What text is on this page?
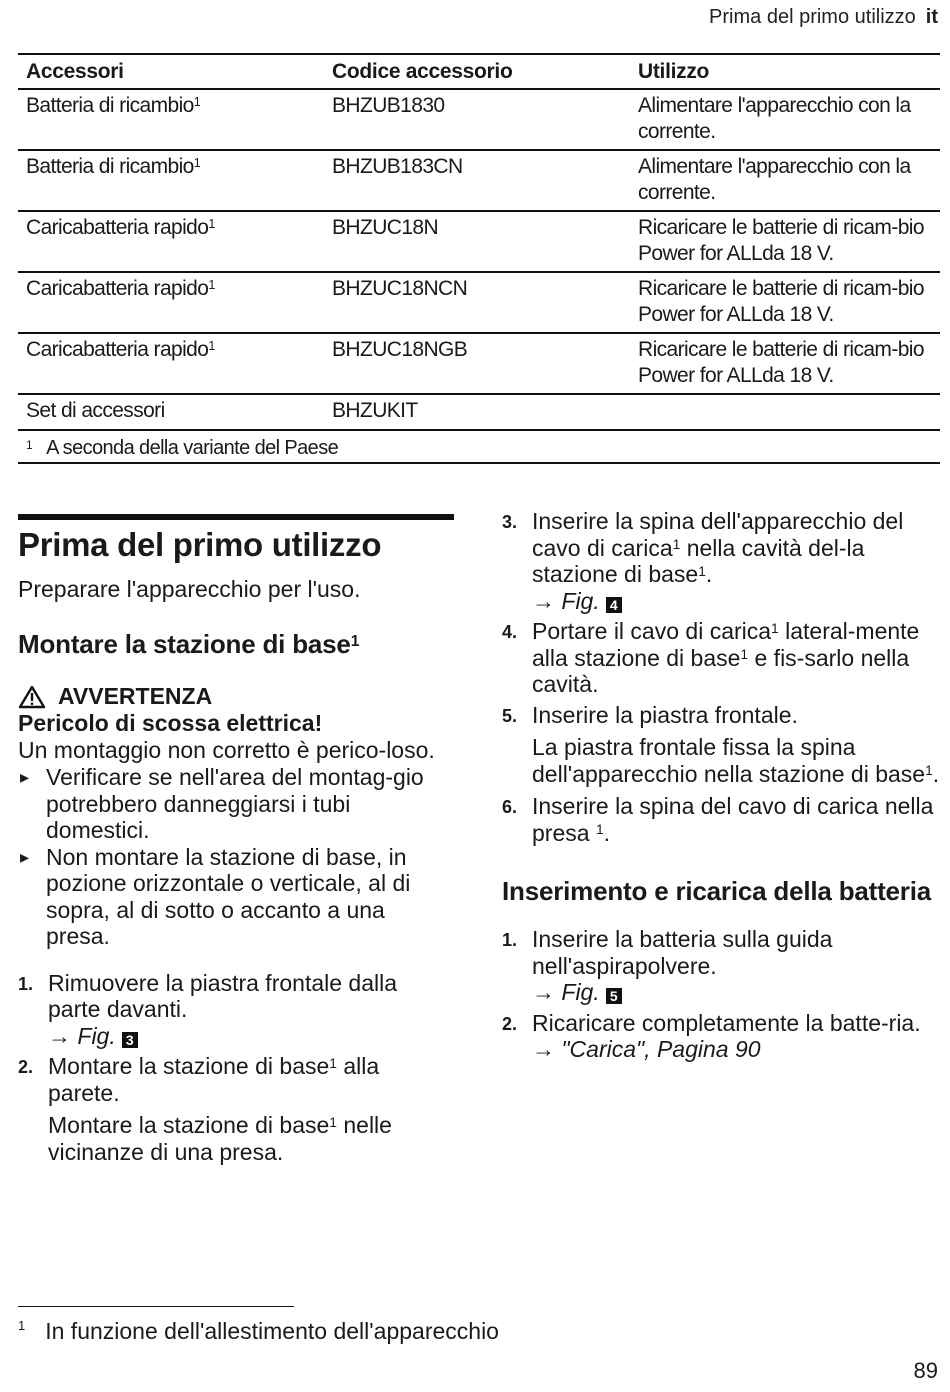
Prima del primo utilizzo it
Accessori	Codice accessorio	Utilizzo
Batteria di ricambio$^1$	BHZUB1830	Alimentare l'apparecchio con la corrente.
Batteria di ricambio$^1$	BHZUB183CN	Alimentare l'apparecchio con la corrente.
Caricabatteria rapido$^1$	BHZUC18N	Ricaricare le batterie di ricam-bio Power for ALLda 18 V.
Caricabatteria rapido$^1$	BHZUC18NCN	Ricaricare le batterie di ricam-bio Power for ALLda 18 V.
Caricabatteria rapido$^1$	BHZUC18NGB	Ricaricare le batterie di ricam-bio Power for ALLda 18 V.
Set di accessori	BHZUKIT	
$^1$ A seconda della variante del Paese		
Prima del primo utilizzo

Preparare l'apparecchio per l'uso.

Montare la stazione di base$^1$
AVVERTENZA

Pericolo di scossa elettrica!

Un montaggio non corretto è perico-loso.

▸ Verificare se nell'area del montag-gio potrebbero danneggiarsi i tubi domestici.
▸ Non montare la stazione di base, in pozione orizzontale o verticale, al di sopra, al di sotto o accanto a una presa.
1. Rimuovere la piastra frontale dalla parte davanti.
→ Fig. 3
2. Montare la stazione di base$^1$ alla parete.
Montare la stazione di base$^1$ nelle vicinanze di una presa.
3. Inserire la spina dell'apparecchio del cavo di carica$^1$ nella cavità del-la stazione di base$^1$.
→ Fig. 4
4. Portare il cavo di carica$^1$ lateral-mente alla stazione di base$^1$ e fis-sarlo nella cavità.
5. Inserire la piastra frontale.
La piastra frontale fissa la spina dell'apparecchio nella stazione di base$^1$.
6. Inserire la spina del cavo di carica nella presa $^1$.
Inserimento e ricarica della batteria
1. Inserire la batteria sulla guida nell'aspirapolvere.
→ Fig. 5
2. Ricaricare completamente la batte-ria.
→ "Carica", Pagina 90
$^1$ In funzione dell'allestimento dell'apparecchio
89
